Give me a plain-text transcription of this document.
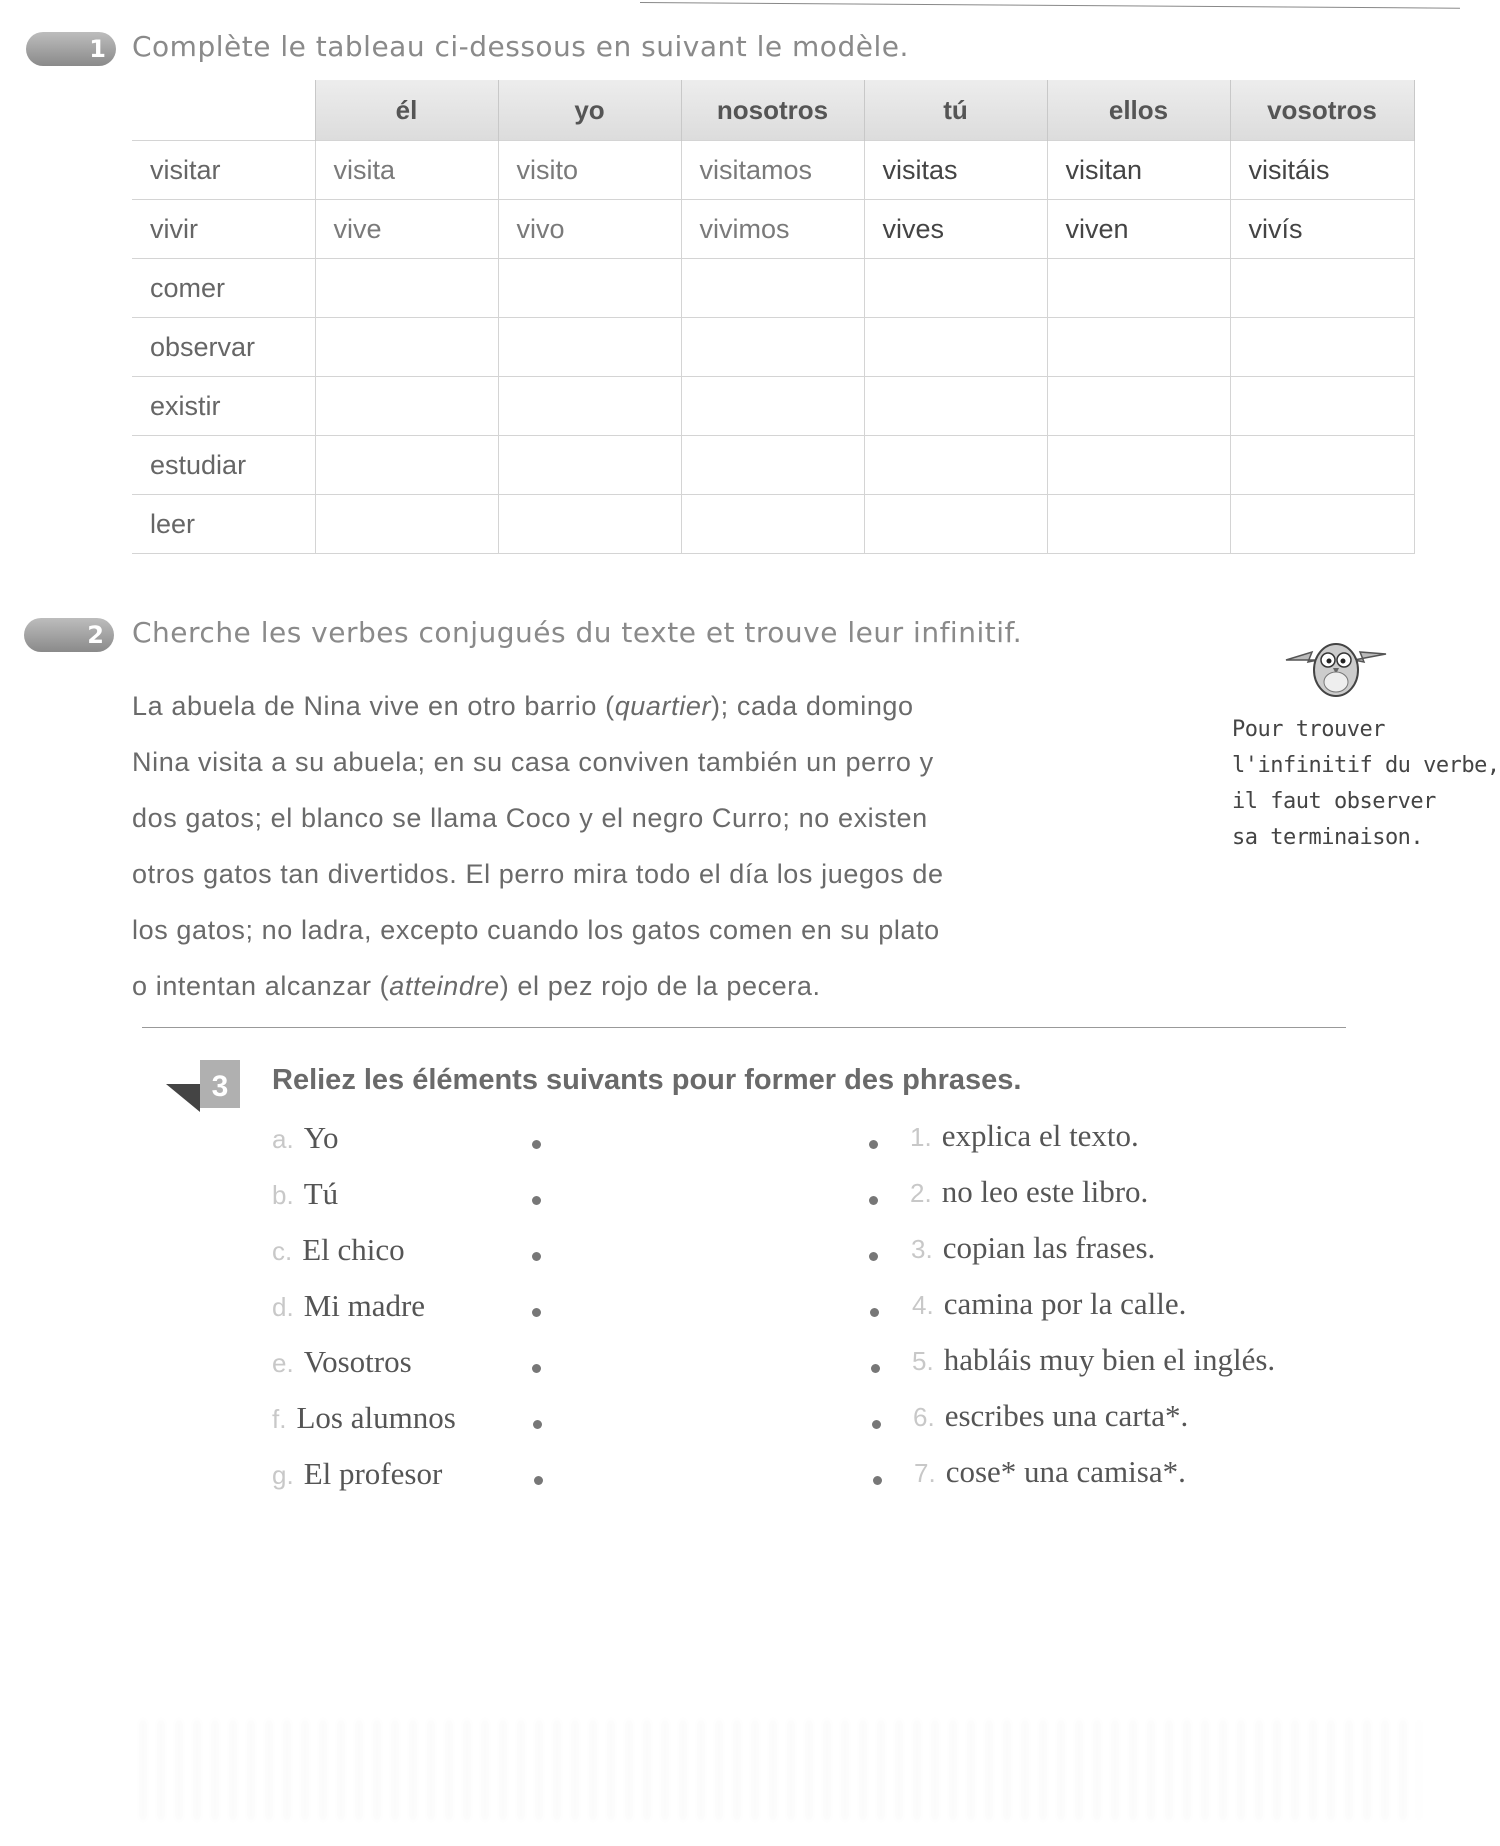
1 Complète le tableau ci-dessous en suivant le modèle.
	él	yo	nosotros	tú	ellos	vosotros
visitar	visita	visito	visitamos	visitas	visitan	visitáis
vivir	vive	vivo	vivimos	vives	viven	vivís
comer						
observar						
existir						
estudiar						
leer						
2	Cherche les verbes conjugués du texte et trouve leur infinitif.
La abuela de Nina vive en otro barrio (quartier); cada domingo
Nina visita a su abuela; en su casa conviven también un perro y
dos gatos; el blanco se llama Coco y el negro Curro; no existen
otros gatos tan divertidos. El perro mira todo el día los juegos de
los gatos; no ladra, excepto cuando los gatos comen en su plato
o intentan alcanzar (atteindre) el pez rojo de la pecera.
Pour trouver
l'infinitif du verbe,
il faut observer
sa terminaison.
3 Reliez les éléments suivants pour former des phrases.
a. Yo
b. Tú
c. El chico
d. Mi madre
e. Vosotros
f. Los alumnos
g. El profesor
1. explica el texto.
2. no leo este libro.
3. copian las frases.
4. camina por la calle.
5. habláis muy bien el inglés.
6. escribes una carta*.
7. cose* una camisa*.
